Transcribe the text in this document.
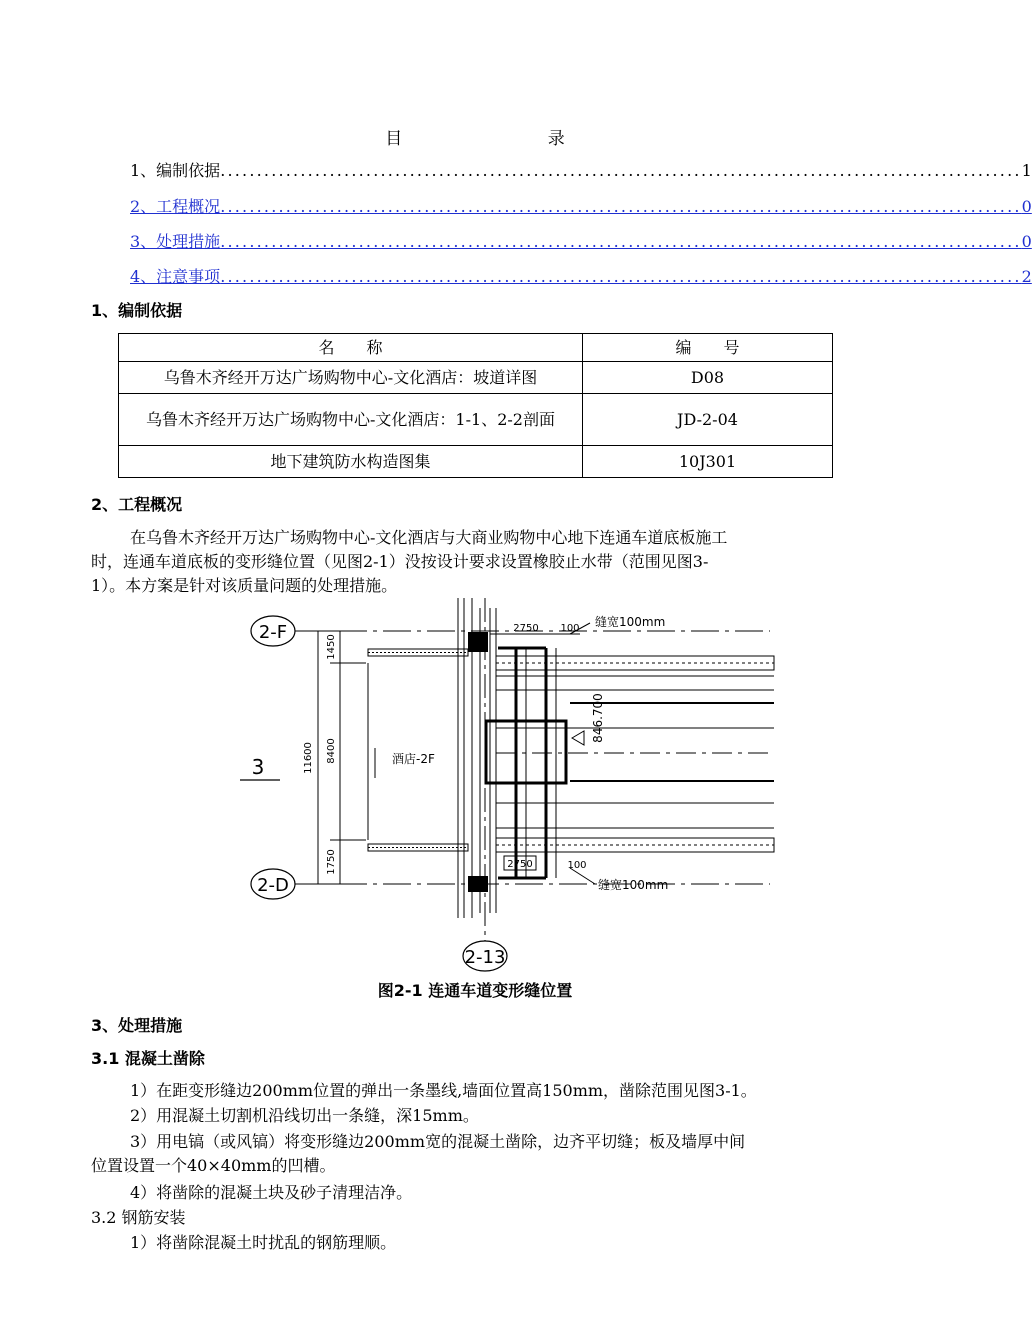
目 录
1、编制依据 .............................................................................................................. 1
2、工程概况 .............................................................................................................. 0
3、处理措施 .............................................................................................................. 0
4、注意事项 .............................................................................................................. 2
1、编制依据
名　　称	编　　号
乌鲁木齐经开万达广场购物中心-文化酒店：坡道详图	D08
乌鲁木齐经开万达广场购物中心-文化酒店：1-1、2-2剖面	JD-2-04
地下建筑防水构造图集	10J301
2、工程概况
在乌鲁木齐经开万达广场购物中心-文化酒店与大商业购物中心地下连通车道底板施工
时，连通车道底板的变形缝位置（见图2-1）没按设计要求设置橡胶止水带（范围见图3-
1）。本方案是针对该质量问题的处理措施。
2-F
2-D
2-13
3	11600
1450
8400
1750
酒店-2F
2750 100 缝宽100mm
846.700
2750	100
缝宽100mm
图2-1 连通车道变形缝位置
3、处理措施
3.1 混凝土凿除
1）在距变形缝边200mm位置的弹出一条墨线,墙面位置高150mm，凿除范围见图3-1。
2）用混凝土切割机沿线切出一条缝，深15mm。
3）用电镐（或风镐）将变形缝边200mm宽的混凝土凿除，边齐平切缝；板及墙厚中间
位置设置一个40×40mm的凹槽。
4）将凿除的混凝土块及砂子清理洁净。
3.2 钢筋安装
1）将凿除混凝土时扰乱的钢筋理顺。
